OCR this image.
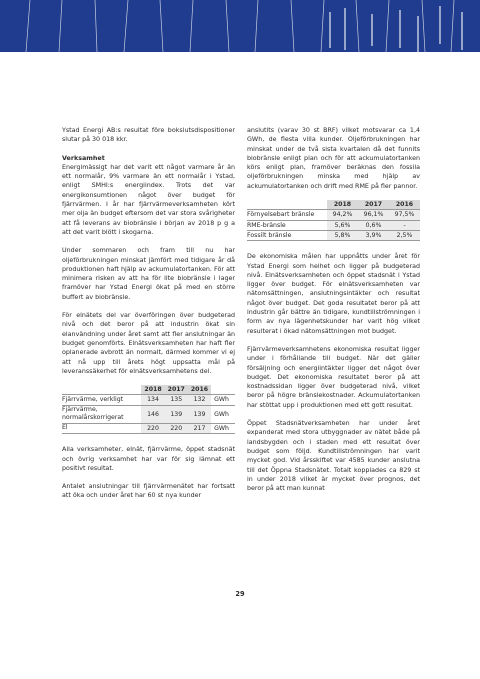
Ystad Energi AB:s resultat före bokslutsdispositioner slutar på 30 018 kkr.

Verksamhet

Energimässigt har det varit ett något varmare år än ett normalår, 9% varmare än ett normalår i Ystad, enligt SMHI:s energiindex. Trots det var energikonsumtionen något över budget för fjärrvärmen. I år har fjärrvärmeverksamheten kört mer olja än budget eftersom det var stora svårigheter att få leverans av biobränsle i början av 2018 p g a att det varit blött i skogarna.

Under sommaren och fram till nu har oljeförbrukningen minskat jämfört med tidigare år då produktionen haft hjälp av ackumulatortanken. För att minimera risken av att ha för lite biobränsle i lager framöver har Ystad Energi ökat på med en större buffert av biobränsle.

För elnätets del var överföringen över budgeterad nivå och det beror på att industrin ökat sin elanvändning under året samt att fler anslutningar än budget genomförts. Elnätsverksamheten har haft fler oplanerade avbrott än normalt, därmed kommer vi ej att nå upp till årets högt uppsatta mål på leveranssäkerhet för elnätsverksamhetens del.

	2018	2017	2016	
Fjärrvärme, verkligt	134	135	132	GWh
Fjärrvärme, normalårskorrigerat	146	139	139	GWh
El	220	220	217	GWh

Alla verksamheter, elnät, fjärrvärme, öppet stadsnät och övrig verksamhet har var för sig lämnat ett positivt resultat.

Antalet anslutningar till fjärrvärmenätet har fortsatt att öka och under året har 60 st nya kunder

anslutits (varav 30 st BRF) vilket motsvarar ca 1,4 GWh, de flesta villa kunder. Oljeförbrukningen har minskat under de två sista kvartalen då det funnits biobränsle enligt plan och för att ackumulatortanken körs enligt plan, framöver beräknas den fossila oljeförbrukningen minska med hjälp av ackumulatortanken och drift med RME på fler pannor.

	2018	2017	2016
Förnyelsebart bränsle	94,2%	96,1%	97,5%
RME-bränsle	5,6%	0,6%	-
Fossilt bränsle	5,8%	3,9%	2,5%

De ekonomiska målen har uppnåtts under året för Ystad Energi som helhet och ligger på budgeterad nivå. Elnätsverksamheten och öppet stadsnät i Ystad ligger över budget. För elnätsverksamheten var nätomsättningen, anslutningsintäkter och resultat något över budget. Det goda resultatet beror på att industrin går bättre än tidigare, kundtillströmningen i form av nya lägenhetskunder har varit hög vilket resulterat i ökad nätomsättningen mot budget.

Fjärrvärmeverksamhetens ekonomiska resultat ligger under i förhållande till budget. När det gäller försäljning och energiintäkter ligger det något över budget. Det ekonomiska resultatet beror på att kostnadssidan ligger över budgeterad nivå, vilket beror på högre bränslekostnader. Ackumulatortanken har stöttat upp i produktionen med ett gott resultat.

Öppet Stadsnätverksamheten har under året expanderat med stora utbyggnader av nätet både på landsbygden och i staden med ett resultat över budget som följd. Kundtillströmningen har varit mycket god. Vid årsskiftet var 4585 kunder anslutna till det Öppna Stadsnätet. Totalt kopplades ca 829 st in under 2018 vilket är mycket över prognos, det beror på att man kunnat

29
